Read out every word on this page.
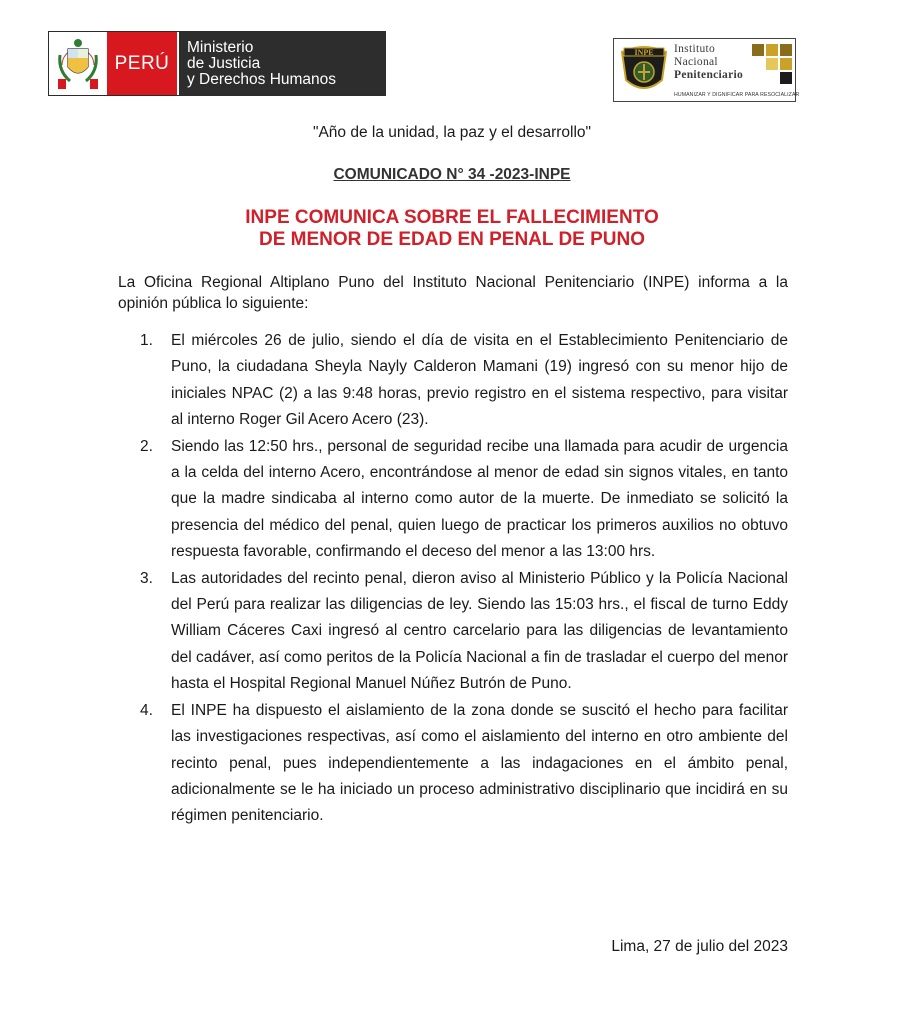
PERÚ
Ministerio
de Justicia
y Derechos Humanos
INPE Instituto
Nacional
Penitenciario
HUMANIZAR Y DIGNIFICAR PARA RESOCIALIZAR
"Año de la unidad, la paz y el desarrollo"
COMUNICADO N° 34 -2023-INPE
INPE COMUNICA SOBRE EL FALLECIMIENTO
DE MENOR DE EDAD EN PENAL DE PUNO
La Oficina Regional Altiplano Puno del Instituto Nacional Penitenciario (INPE) informa a la opinión pública lo siguiente:
1. El miércoles 26 de julio, siendo el día de visita en el Establecimiento Penitenciario de Puno, la ciudadana Sheyla Nayly Calderon Mamani (19) ingresó con su menor hijo de iniciales NPAC (2) a las 9:48 horas, previo registro en el sistema respectivo, para visitar al interno Roger Gil Acero Acero (23).
2. Siendo las 12:50 hrs., personal de seguridad recibe una llamada para acudir de urgencia a la celda del interno Acero, encontrándose al menor de edad sin signos vitales, en tanto que la madre sindicaba al interno como autor de la muerte. De inmediato se solicitó la presencia del médico del penal, quien luego de practicar los primeros auxilios no obtuvo respuesta favorable, confirmando el deceso del menor a las 13:00 hrs.
3. Las autoridades del recinto penal, dieron aviso al Ministerio Público y la Policía Nacional del Perú para realizar las diligencias de ley. Siendo las 15:03 hrs., el fiscal de turno Eddy William Cáceres Caxi ingresó al centro carcelario para las diligencias de levantamiento del cadáver, así como peritos de la Policía Nacional a fin de trasladar el cuerpo del menor hasta el Hospital Regional Manuel Núñez Butrón de Puno.
4. El INPE ha dispuesto el aislamiento de la zona donde se suscitó el hecho para facilitar las investigaciones respectivas, así como el aislamiento del interno en otro ambiente del recinto penal, pues independientemente a las indagaciones en el ámbito penal, adicionalmente se le ha iniciado un proceso administrativo disciplinario que incidirá en su régimen penitenciario.
Lima, 27 de julio del 2023
